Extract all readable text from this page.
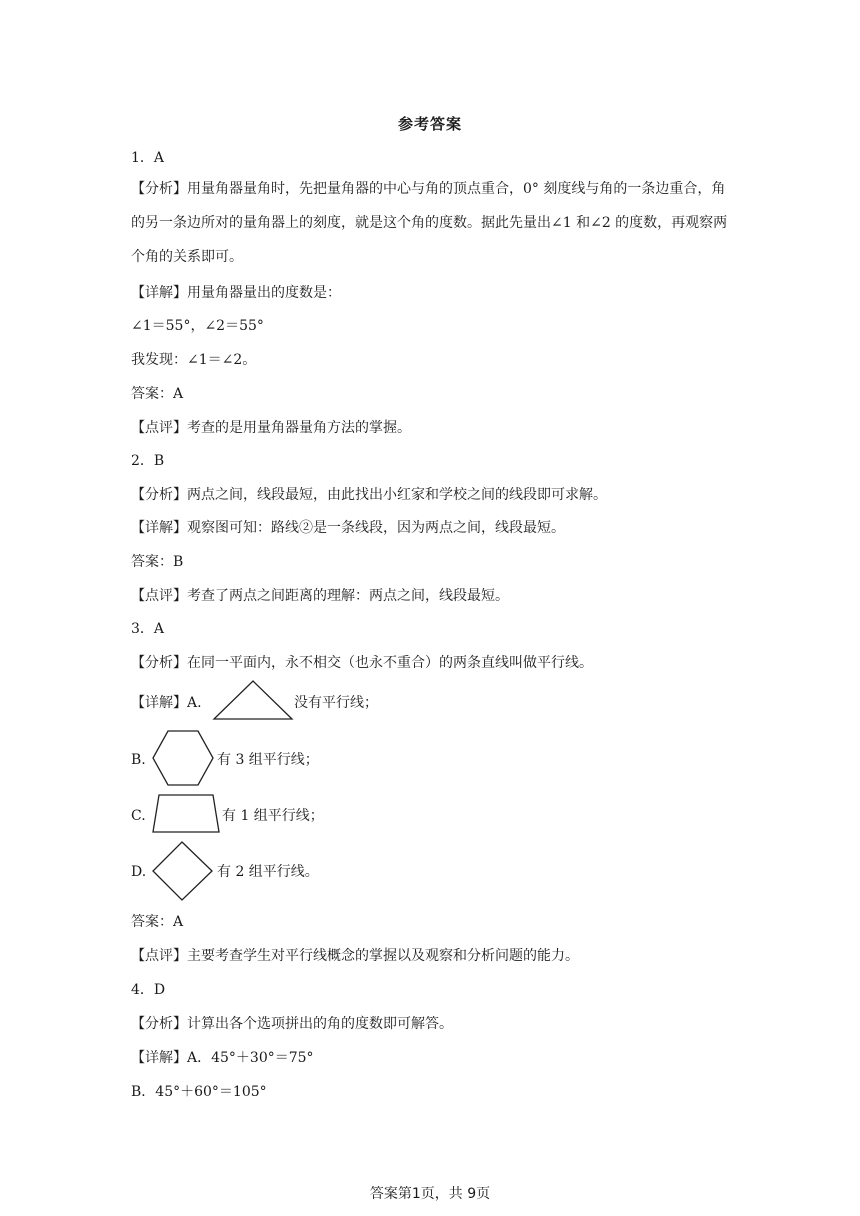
参考答案
1．A
【分析】用量角器量角时，先把量角器的中心与角的顶点重合，0° 刻度线与角的一条边重合，角的另一条边所对的量角器上的刻度，就是这个角的度数。据此先量出∠1 和∠2 的度数，再观察两个角的关系即可。
【详解】用量角器量出的度数是：
∠1＝55°，∠2＝55°
我发现：∠1＝∠2。
答案：A
【点评】考查的是用量角器量角方法的掌握。
2．B
【分析】两点之间，线段最短，由此找出小红家和学校之间的线段即可求解。
【详解】观察图可知：路线②是一条线段，因为两点之间，线段最短。
答案：B
【点评】考查了两点之间距离的理解：两点之间，线段最短。
3．A
【分析】在同一平面内，永不相交（也永不重合）的两条直线叫做平行线。
【详解】A.	没有平行线；
B.	有 3 组平行线；
C.	有 1 组平行线；
D.	有 2 组平行线。
答案：A
【点评】主要考查学生对平行线概念的掌握以及观察和分析问题的能力。
4．D
【分析】计算出各个选项拼出的角的度数即可解答。
【详解】A．45°＋30°＝75°
B．45°＋60°＝105°
答案第1页，共 9页
